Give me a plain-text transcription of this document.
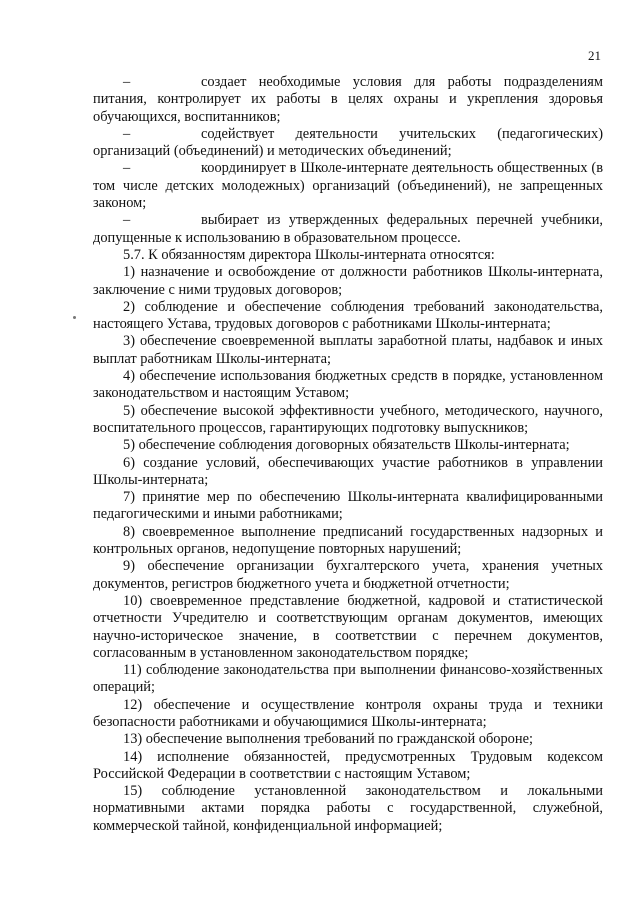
21

–	создает необходимые условия для работы подразделениям питания, контролирует их работы в целях охраны и укрепления здоровья обучающихся, воспитанников;

–	содействует деятельности учительских (педагогических) организаций (объединений) и методических объединений;

–	координирует в Школе-интернате деятельность общественных (в том числе детских молодежных) организаций (объединений), не запрещенных законом;

–	выбирает из утвержденных федеральных перечней учебники, допущенные к использованию в образовательном процессе.

5.7. К обязанностям директора Школы-интерната относятся:

1) назначение и освобождение от должности работников Школы-интерната, заключение с ними трудовых договоров;

2) соблюдение и обеспечение соблюдения требований законодательства, настоящего Устава, трудовых договоров с работниками Школы-интерната;

3) обеспечение своевременной выплаты заработной платы, надбавок и иных выплат работникам Школы-интерната;

4) обеспечение использования бюджетных средств в порядке, установленном законодательством и настоящим Уставом;

5) обеспечение высокой эффективности учебного, методического, научного, воспитательного процессов, гарантирующих подготовку выпускников;

5) обеспечение соблюдения договорных обязательств Школы-интерната;

6) создание условий, обеспечивающих участие работников в управлении Школы-интерната;

7) принятие мер по обеспечению Школы-интерната квалифицированными педагогическими и иными работниками;

8) своевременное выполнение предписаний государственных надзорных и контрольных органов, недопущение повторных нарушений;

9) обеспечение организации бухгалтерского учета, хранения учетных документов, регистров бюджетного учета и бюджетной отчетности;

10) своевременное представление бюджетной, кадровой и статистической отчетности Учредителю и соответствующим органам документов, имеющих научно-историческое значение, в соответствии с перечнем документов, согласованным в установленном законодательством порядке;

11) соблюдение законодательства при выполнении финансово-хозяйственных операций;

12) обеспечение и осуществление контроля охраны труда и техники безопасности работниками и обучающимися Школы-интерната;

13) обеспечение выполнения требований по гражданской обороне;

14) исполнение обязанностей, предусмотренных Трудовым кодексом Российской Федерации в соответствии с настоящим Уставом;

15) соблюдение установленной законодательством и локальными нормативными актами порядка работы с государственной, служебной, коммерческой тайной, конфиденциальной информацией;
